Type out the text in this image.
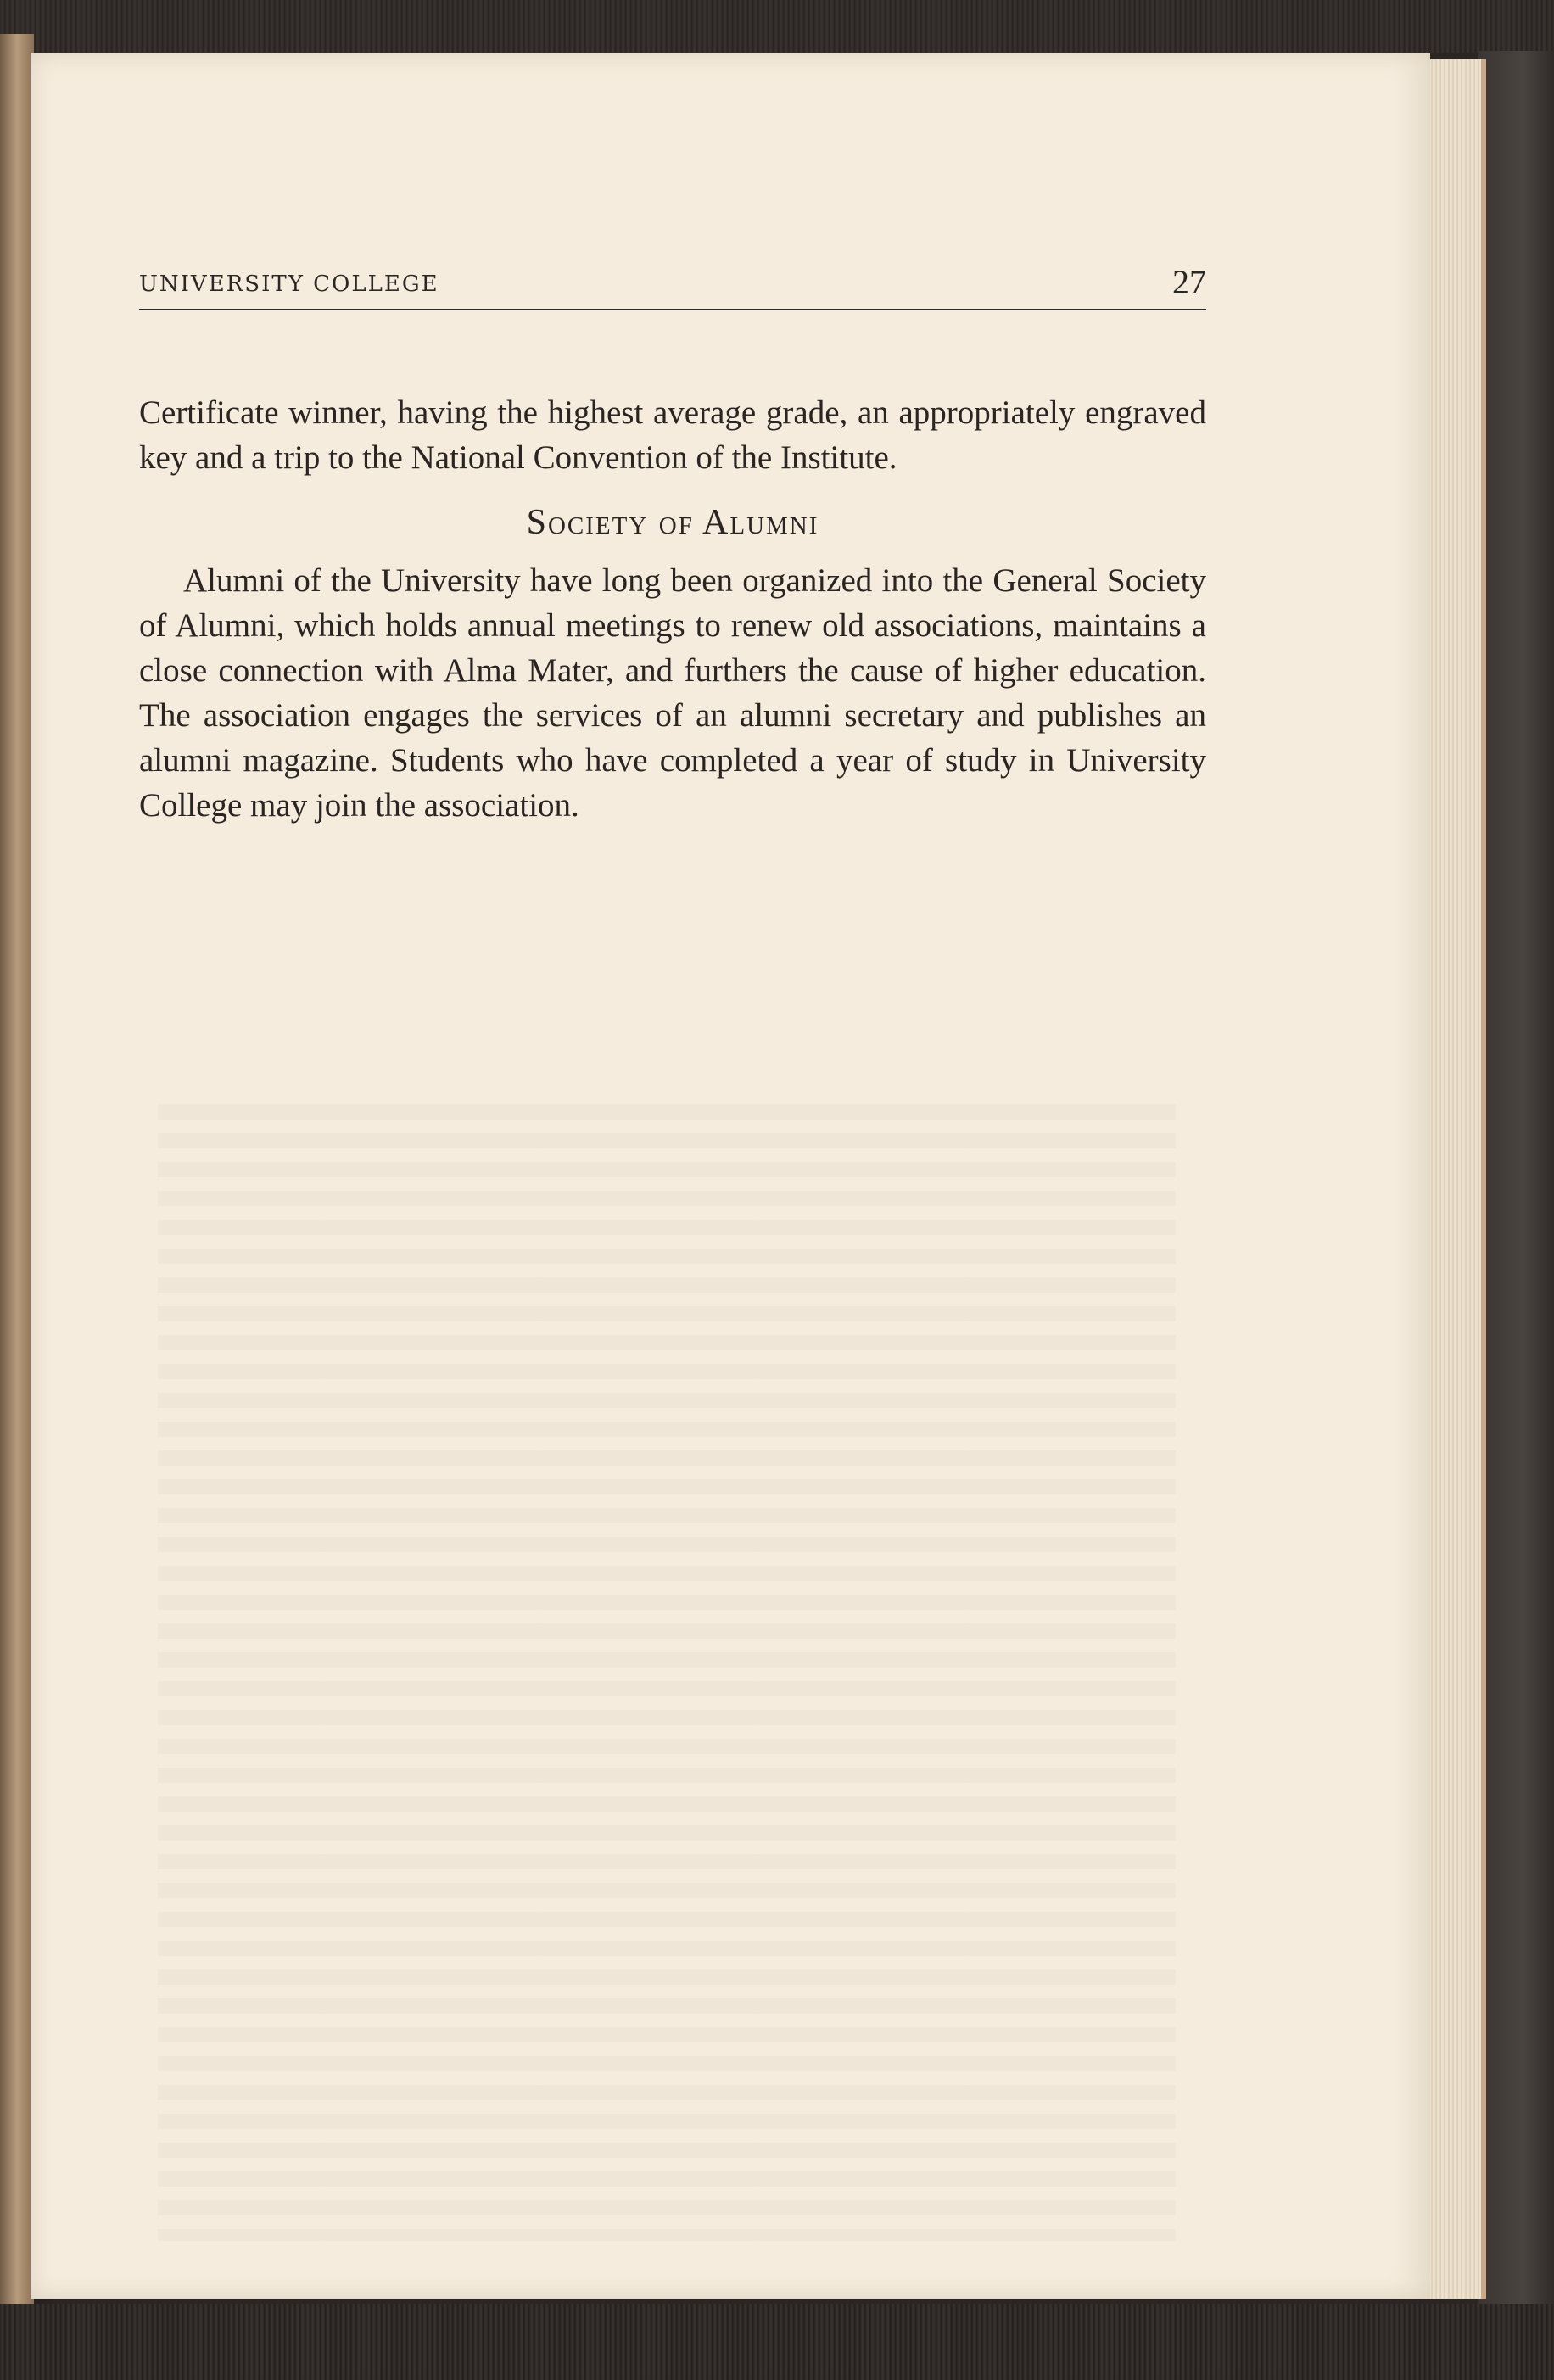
UNIVERSITY COLLEGE	27

Certificate winner, having the highest average grade, an appropriately engraved key and a trip to the National Convention of the Institute.

Society of Alumni

Alumni of the University have long been organized into the General Society of Alumni, which holds annual meetings to renew old associations, maintains a close connection with Alma Mater, and furthers the cause of higher education. The association engages the services of an alumni secretary and publishes an alumni magazine. Students who have completed a year of study in University College may join the association.
